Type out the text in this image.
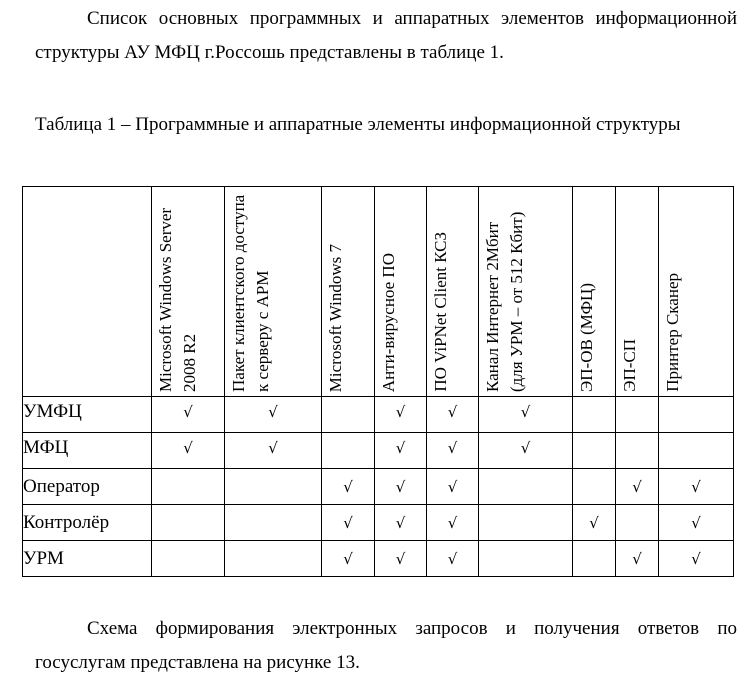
Список основных программных и аппаратных элементов информационной структуры АУ МФЦ г.Россошь представлены в таблице 1.

Таблица 1 – Программные и аппаратные элементы информационной структуры

	Microsoft Windows Server 2008 R2	Пакет клиентского доступа к серверу с АРМ	Microsoft Windows 7	Анти-вирусное ПО	ПО ViPNet Client КСЗ	Канал Интернет 2Мбит (для УРМ – от 512 Кбит)	ЭП-ОВ (МФЦ)	ЭП-СП	Принтер Сканер

УМФЦ	√	√		√	√	√			
МФЦ	√	√		√	√	√			
Оператор			√	√	√			√	√
Контролёр			√	√	√		√		√
УРМ			√	√	√			√	√

Схема формирования электронных запросов и получения ответов по госуслугам представлена на рисунке 13.
